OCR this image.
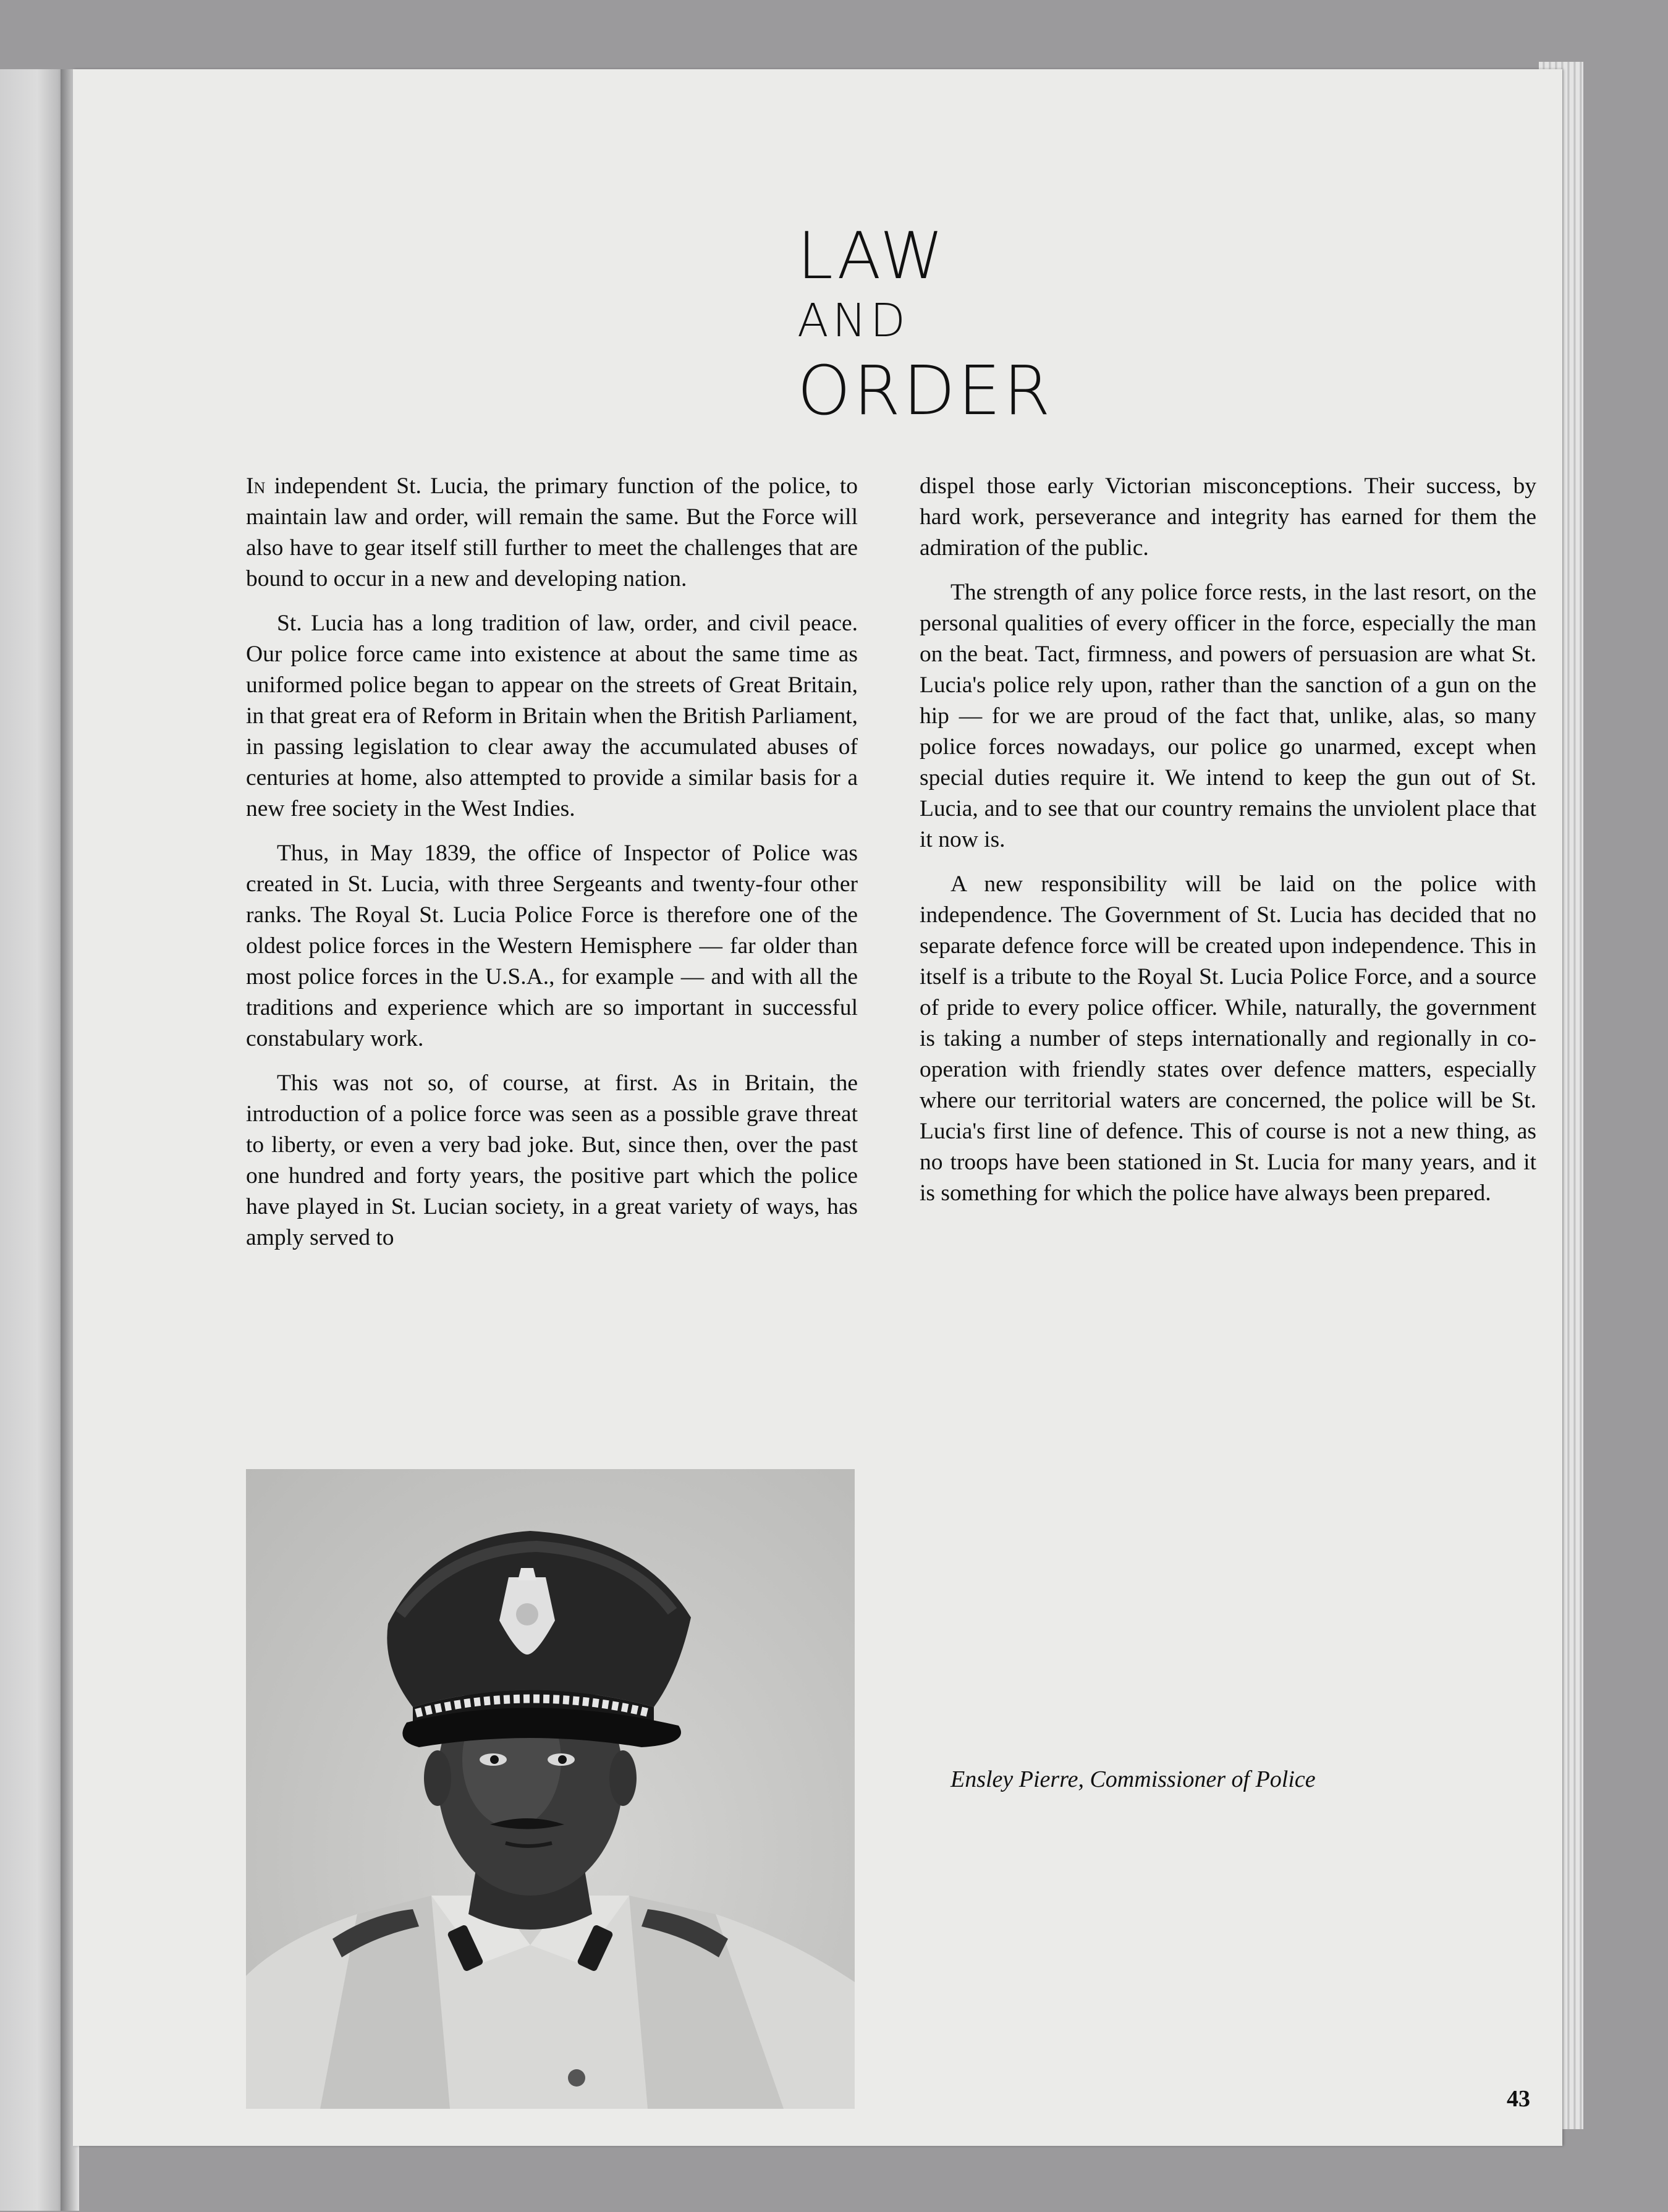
LAW
AND
ORDER

In independent St. Lucia, the primary function of the police, to maintain law and order, will remain the same. But the Force will also have to gear itself still further to meet the challenges that are bound to occur in a new and developing nation.

St. Lucia has a long tradition of law, order, and civil peace. Our police force came into existence at about the same time as uniformed police began to appear on the streets of Great Britain, in that great era of Reform in Britain when the British Parliament, in passing legislation to clear away the accumulated abuses of centuries at home, also attempted to provide a similar basis for a new free society in the West Indies.

Thus, in May 1839, the office of Inspector of Police was created in St. Lucia, with three Sergeants and twenty-four other ranks. The Royal St. Lucia Police Force is therefore one of the oldest police forces in the Western Hemisphere — far older than most police forces in the U.S.A., for example — and with all the traditions and experience which are so important in successful constabulary work.

This was not so, of course, at first. As in Britain, the introduction of a police force was seen as a possible grave threat to liberty, or even a very bad joke. But, since then, over the past one hundred and forty years, the positive part which the police have played in St. Lucian society, in a great variety of ways, has amply served to

dispel those early Victorian misconceptions. Their success, by hard work, perseverance and integrity has earned for them the admiration of the public.

The strength of any police force rests, in the last resort, on the personal qualities of every officer in the force, especially the man on the beat. Tact, firmness, and powers of persuasion are what St. Lucia's police rely upon, rather than the sanction of a gun on the hip — for we are proud of the fact that, unlike, alas, so many police forces nowadays, our police go unarmed, except when special duties require it. We intend to keep the gun out of St. Lucia, and to see that our country remains the unviolent place that it now is.

A new responsibility will be laid on the police with independence. The Government of St. Lucia has decided that no separate defence force will be created upon independence. This in itself is a tribute to the Royal St. Lucia Police Force, and a source of pride to every police officer. While, naturally, the government is taking a number of steps internationally and regionally in co-operation with friendly states over defence matters, especially where our territorial waters are concerned, the police will be St. Lucia's first line of defence. This of course is not a new thing, as no troops have been stationed in St. Lucia for many years, and it is something for which the police have always been prepared.

Ensley Pierre, Commissioner of Police
43
